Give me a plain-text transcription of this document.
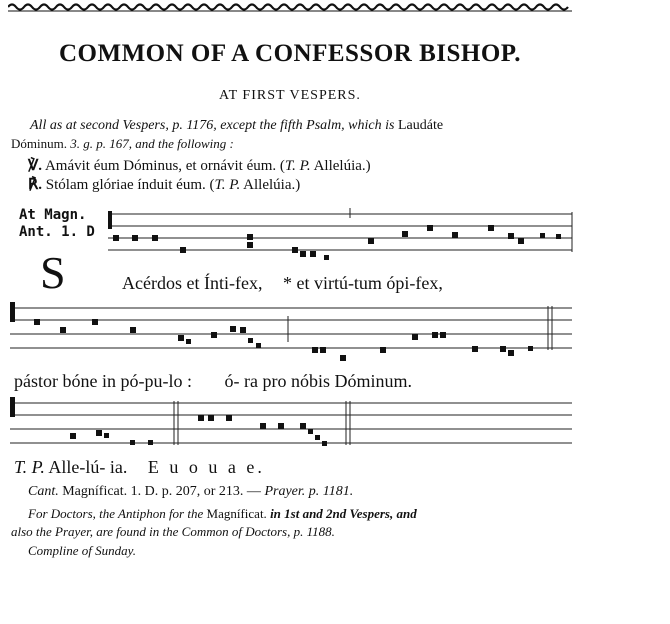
COMMON OF A CONFESSOR BISHOP.
AT FIRST VESPERS.
All as at second Vespers, p. 1176, except the fifth Psalm, which is Laudáte
Dóminum. 3. g. p. 167, and the following :
℣. Amávit éum Dóminus, et ornávit éum. (T. P. Allelúia.)
℟. Stólam glóriae índuit éum. (T. P. Allelúia.)
At Magn.
Ant. 1. D
S	Acérdos et Ínti-fex, * et virtú-tum ópi-fex,
pástor bóne in pó-pu-lo : ó- ra pro nóbis Dóminum.
T. P. Alle-lú- ia. E u o u a e.
Cant. Magníficat. 1. D. p. 207, or 213. — Prayer. p. 1181.
For Doctors, the Antiphon for the Magníficat. in 1st and 2nd Vespers, and
also the Prayer, are found in the Common of Doctors, p. 1188.
Compline of Sunday.
